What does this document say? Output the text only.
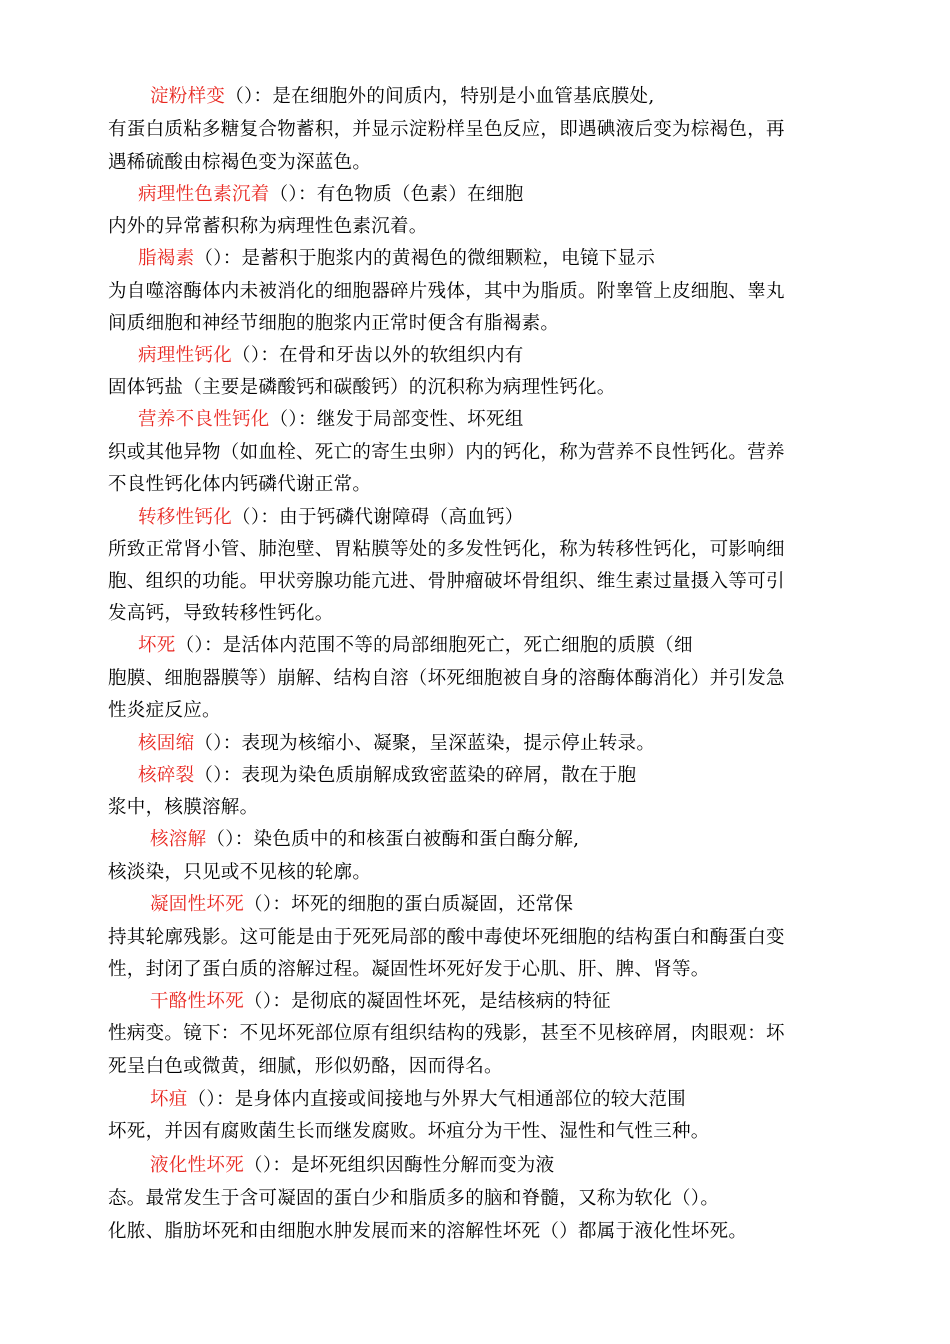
淀粉样变（）：是在细胞外的间质内，特别是小血管基底膜处,
有蛋白质粘多糖复合物蓄积，并显示淀粉样呈色反应，即遇碘液后变为棕褐色，再
遇稀硫酸由棕褐色变为深蓝色。
病理性色素沉着（）：有色物质（色素）在细胞
内外的异常蓄积称为病理性色素沉着。
脂褐素（）：是蓄积于胞浆内的黄褐色的微细颗粒，电镜下显示
为自噬溶酶体内未被消化的细胞器碎片残体，其中为脂质。附睾管上皮细胞、睾丸
间质细胞和神经节细胞的胞浆内正常时便含有脂褐素。
病理性钙化（）：在骨和牙齿以外的软组织内有
固体钙盐（主要是磷酸钙和碳酸钙）的沉积称为病理性钙化。
营养不良性钙化（）：继发于局部变性、坏死组
织或其他异物（如血栓、死亡的寄生虫卵）内的钙化，称为营养不良性钙化。营养
不良性钙化体内钙磷代谢正常。
转移性钙化（）：由于钙磷代谢障碍（高血钙）
所致正常肾小管、肺泡壁、胃粘膜等处的多发性钙化，称为转移性钙化，可影响细
胞、组织的功能。甲状旁腺功能亢进、骨肿瘤破坏骨组织、维生素过量摄入等可引
发高钙，导致转移性钙化。
坏死（）：是活体内范围不等的局部细胞死亡，死亡细胞的质膜（细
胞膜、细胞器膜等）崩解、结构自溶（坏死细胞被自身的溶酶体酶消化）并引发急
性炎症反应。
核固缩（）：表现为核缩小、凝聚，呈深蓝染，提示停止转录。
核碎裂（）：表现为染色质崩解成致密蓝染的碎屑，散在于胞
浆中，核膜溶解。
核溶解（）：染色质中的和核蛋白被酶和蛋白酶分解,
核淡染，只见或不见核的轮廓。
凝固性坏死（）：坏死的细胞的蛋白质凝固，还常保
持其轮廓残影。这可能是由于死死局部的酸中毒使坏死细胞的结构蛋白和酶蛋白变
性，封闭了蛋白质的溶解过程。凝固性坏死好发于心肌、肝、脾、肾等。
干酪性坏死（）：是彻底的凝固性坏死，是结核病的特征
性病变。镜下：不见坏死部位原有组织结构的残影，甚至不见核碎屑，肉眼观：坏
死呈白色或微黄，细腻，形似奶酪，因而得名。
坏疽（）：是身体内直接或间接地与外界大气相通部位的较大范围
坏死，并因有腐败菌生长而继发腐败。坏疽分为干性、湿性和气性三种。
液化性坏死（）：是坏死组织因酶性分解而变为液
态。最常发生于含可凝固的蛋白少和脂质多的脑和脊髓，又称为软化（）。
化脓、脂肪坏死和由细胞水肿发展而来的溶解性坏死（）都属于液化性坏死。
